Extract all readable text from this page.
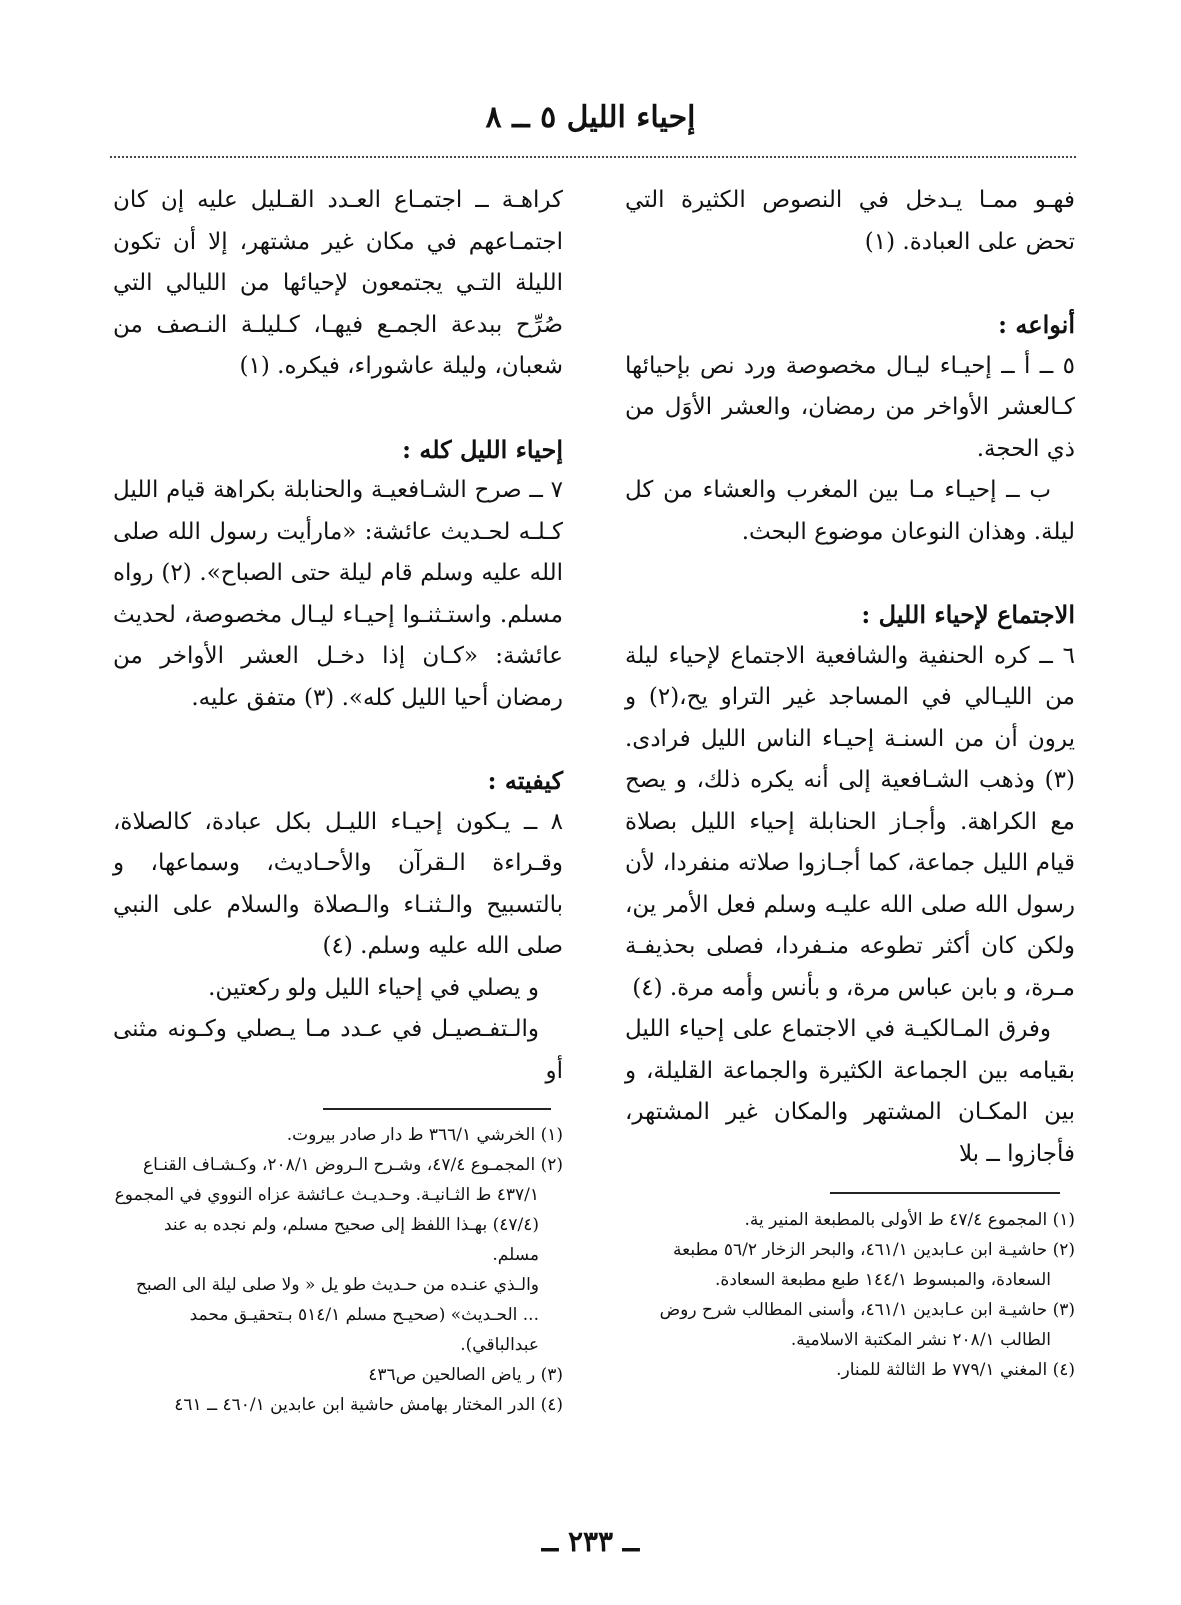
إحياء الليل ٥ ــ ٨

فهـو ممـا يـدخل في النصوص الكثيرة التي تحض على العبادة. (١)

أنواعه :

٥ ــ أ ــ إحيـاء ليـال مخصوصة ورد نص بإحيائها كـالعشر الأواخر من رمضان، والعشر الأوَل من ذي الحجة.

ب ــ إحيـاء مـا بين المغرب والعشاء من كل ليلة. وهذان النوعان موضوع البحث.

الاجتماع لإحياء الليل :

٦ ــ كره الحنفية والشافعية الاجتماع لإحياء ليلة من الليـالي في المساجد غير التراو يح،(٢) و يرون أن من السنـة إحيـاء الناس الليل فرادى. (٣) وذهب الشـافعية إلى أنه يكره ذلك، و يصح مع الكراهة. وأجـاز الحنابلة إحياء الليل بصلاة قيام الليل جماعة، كما أجـازوا صلاته منفردا، لأن رسول الله صلى الله عليـه وسلم فعل الأمر ين، ولكن كان أكثر تطوعه منـفردا، فصلى بحذيفـة مـرة، و بابن عباس مرة، و بأنس وأمه مرة. (٤)

وفرق المـالكيـة في الاجتماع على إحياء الليل بقيامه بين الجماعة الكثيرة والجماعة القليلة، و بين المكـان المشتهر والمكان غير المشتهر، فأجازوا ــ بلا

كراهـة ــ اجتمـاع العـدد القـليل عليه إن كان اجتمـاعهم في مكان غير مشتهر، إلا أن تكون الليلة التـي يجتمعون لإحيائها من الليالي التي صُرِّح ببدعة الجمـع فيهـا، كـليلـة النـصف من شعبان، وليلة عاشوراء، فيكره. (١)

إحياء الليل كله :

٧ ــ صرح الشـافعيـة والحنابلة بكراهة قيام الليل كـلـه لحـديث عائشة: «مارأيت رسول الله صلى الله عليه وسلم قام ليلة حتى الصباح». (٢) رواه مسلم. واستـثنـوا إحيـاء ليـال مخصوصة، لحديث عائشة: «كـان إذا دخـل العشر الأواخر من رمضان أحيا الليل كله». (٣) متفق عليه.

كيفيته :

٨ ــ يـكون إحيـاء الليـل بكل عبادة، كالصلاة، وقـراءة الـقرآن والأحـاديث، وسماعها، و بالتسبيح والـثنـاء والـصلاة والسلام على النبي صلى الله عليه وسلم. (٤)

و يصلي في إحياء الليل ولو ركعتين.

والـتفـصيـل في عـدد مـا يـصلي وكـونه مثنى أو

(١) الخرشي ٣٦٦/١ ط دار صادر بيروت.

(٢) المجمـوع ٤٧/٤، وشـرح الـروض ٢٠٨/١، وكـشـاف القنـاع

٤٣٧/١ ط الثـانيـة. وحـديـث عـائشة عزاه النووي في المجموع

(٤٧/٤) بهـذا اللفظ إلى صحيح مسلم، ولم نجده به عند مسلم.

والـذي عنـده من حـديث طو يل « ولا صلى ليلة الى الصبح

... الحـديث» (صحيـح مسلم ٥١٤/١ بـتحقيـق محمد

عبدالباقي).

(٣) ر ياض الصالحين ص٤٣٦

(٤) الدر المختار بهامش حاشية ابن عابدين ٤٦٠/١ ــ ٤٦١

(١) المجموع ٤٧/٤ ط الأولى بالمطبعة المنير ية.

(٢) حاشيـة ابن عـابدين ٤٦١/١، والبحر الزخار ٥٦/٢ مطبعة

السعادة، والمبسوط ١٤٤/١ طبع مطبعة السعادة.

(٣) حاشيـة ابن عـابدين ٤٦١/١، وأسنى المطالب شرح روض

الطالب ٢٠٨/١ نشر المكتبة الاسلامية.

(٤) المغني ٧٧٩/١ ط الثالثة للمنار.

ــ ٢٣٣ ــ
